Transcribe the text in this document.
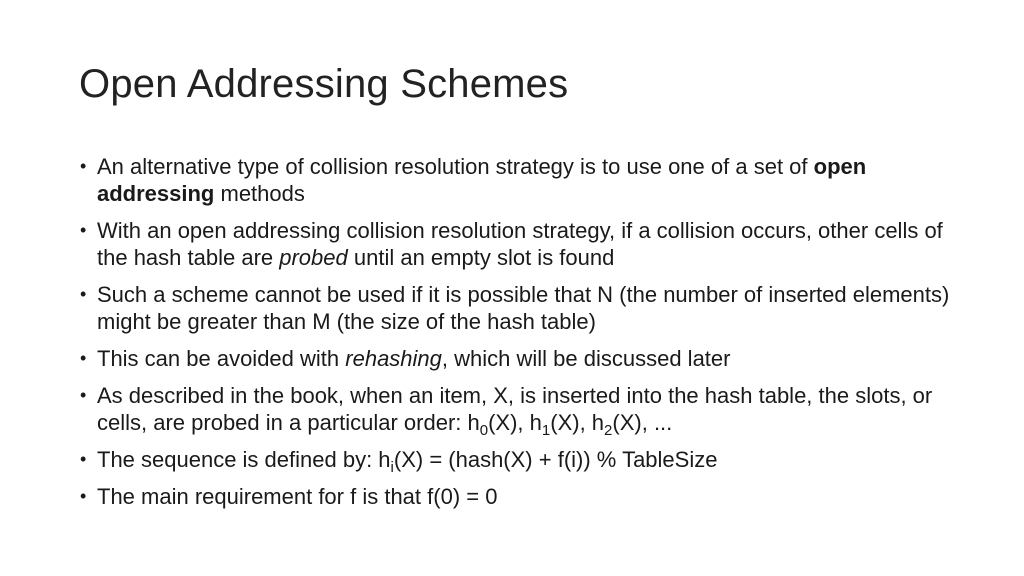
Open Addressing Schemes
• An alternative type of collision resolution strategy is to use one of a set of open addressing methods
• With an open addressing collision resolution strategy, if a collision occurs, other cells of the hash table are probed until an empty slot is found
• Such a scheme cannot be used if it is possible that N (the number of inserted elements) might be greater than M (the size of the hash table)
• This can be avoided with rehashing, which will be discussed later
• As described in the book, when an item, X, is inserted into the hash table, the slots, or cells, are probed in a particular order: $h_0(X)$, $h_1(X)$, $h_2(X)$, ...
• The sequence is defined by: $h_i(X)$ = (hash(X) + f(i)) % TableSize
• The main requirement for f is that f(0) = 0
